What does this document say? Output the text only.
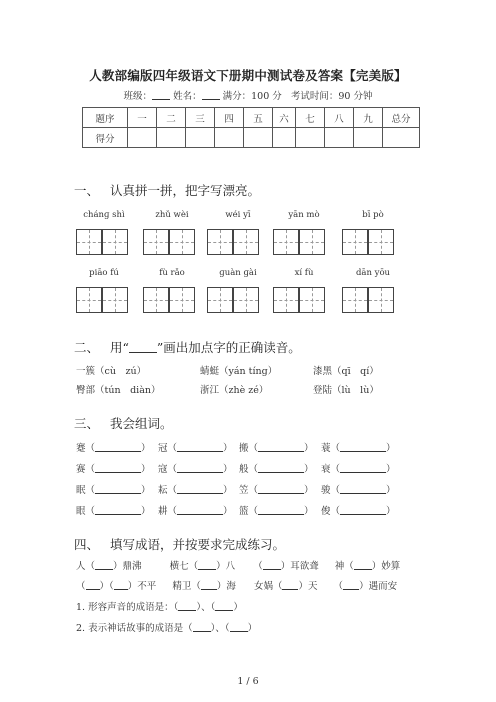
人教部编版四年级语文下册期中测试卷及答案【完美版】
班级： 姓名： 满分：100 分 考试时间：90 分钟
题序	一	二	三	四	五	六	七	八	九	总分
得分										
一、 认真拼一拼，把字写漂亮。
chánɡ shì	zhǔ wèi	wéi yī	yān mò	bī pò
piāo fú	fù rǎo	ɡuàn ɡài	xí fù	dān yōu
二、 用“ ”画出加点字的正确读音。
一簇（cù　zú）	蜻蜓（yán tíng）	漆黑（qī　qí）
臀部（tún　diàn）	浙江（zhè zé）	登陆（lù　lù）
三、 我会组词。
蹇（	） 冠（	） 搬（	） 蓑（	）
赛（	） 寇（	） 般（	） 衰（	）
眠（	） 耘（	） 笠（	） 骏（	）
眼（	） 耕（	） 篮（	） 俊（	）
四、 填写成语，并按要求完成练习。
人（ ）鼎沸	横七（ ）八 （ ）耳欲聋 神（ ）妙算
（ ）（ ）不平 精卫（ ）海 女娲（ ）天 （ ）遇而安
1. 形容声音的成语是：（ ）、（ ）
2. 表示神话故事的成语是（ ）、（ ）
1 / 6
